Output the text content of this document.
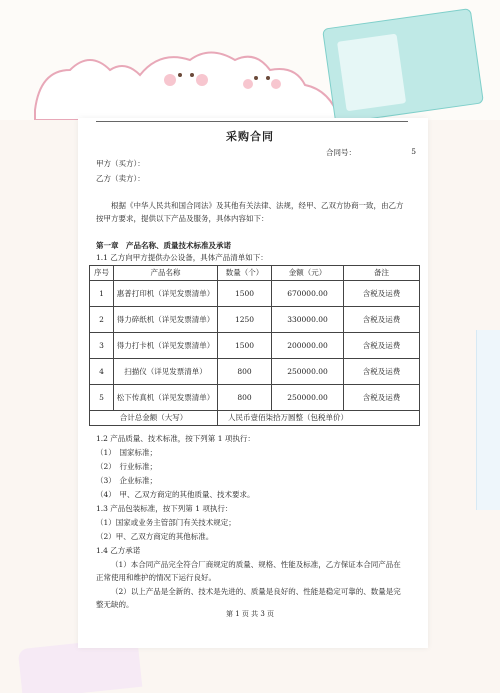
采购合同
合同号：	5
甲方（买方）：
乙方（卖方）：
根据《中华人民共和国合同法》及其他有关法律、法规，经甲、乙双方协商一致，由乙方按甲方要求，提供以下产品及服务，具体内容如下：
第一章　产品名称、质量技术标准及承诺
1.1 乙方向甲方提供办公设备，具体产品清单如下：
序号	产品名称	数量（个）	金额（元）	备注
1	惠普打印机（详见发票清单）	1500	670000.00	含税及运费
2	得力碎纸机（详见发票清单）	1250	330000.00	含税及运费
3	得力打卡机（详见发票清单）	1500	200000.00	含税及运费
4	扫描仪（详见发票清单）	800	250000.00	含税及运费
5	松下传真机（详见发票清单）	800	250000.00	含税及运费
合计总金额（大写）		人民币壹佰柒拾万圆整（包税单价）		
1.2 产品质量、技术标准，按下列第 1 项执行：
（1）　国家标准；
（2）　行业标准；
（3）　企业标准；
（4）　甲、乙双方商定的其他质量、技术要求。
1.3 产品包装标准，按下列第 1 项执行：
（1）国家或业务主管部门有关技术规定；
（2）甲、乙双方商定的其他标准。
1.4 乙方承诺
（1）本合同产品完全符合厂商规定的质量、规格、性能及标准，乙方保证本合同产品在正常使用和维护的情况下运行良好。
（2）以上产品是全新的、技术是先进的、质量是良好的、性能是稳定可靠的、数量是完整无缺的。
第 1 页 共 3 页
